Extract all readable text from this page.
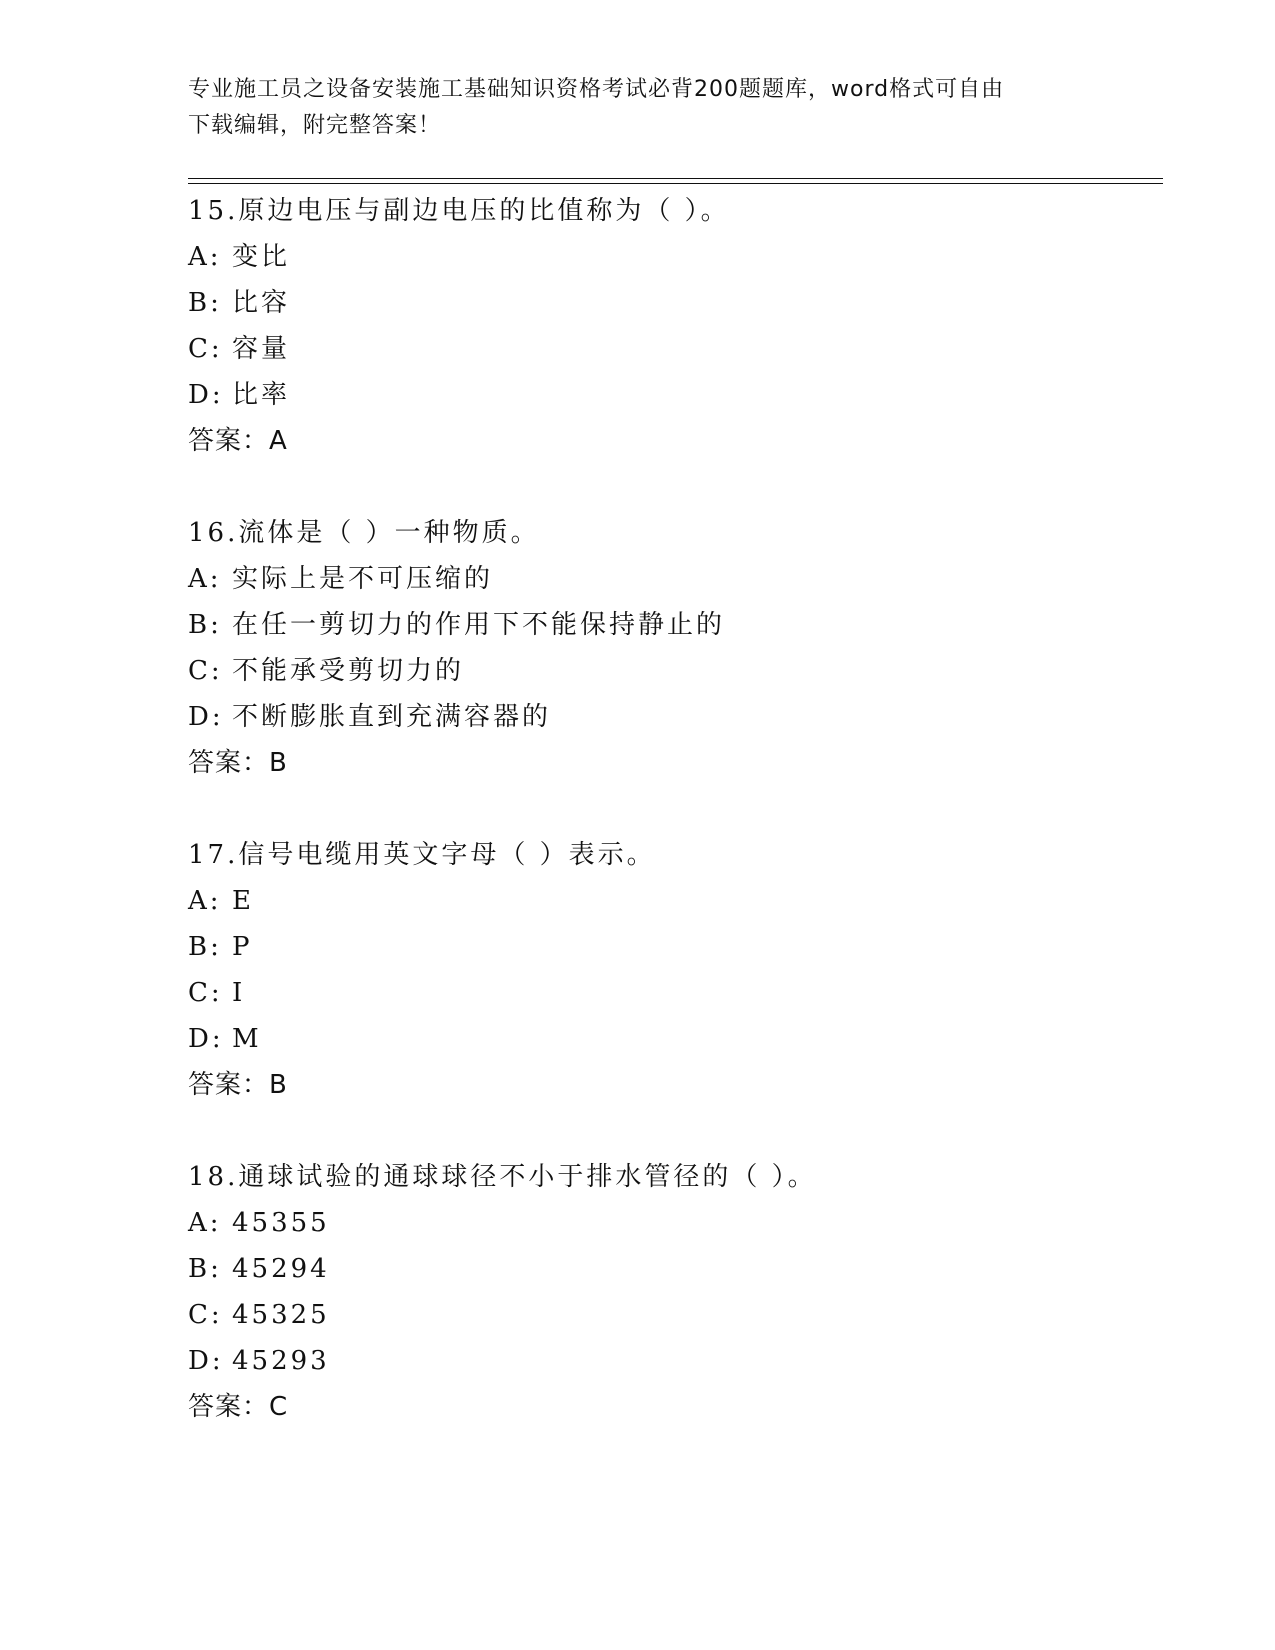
专业施工员之设备安装施工基础知识资格考试必背200题题库，word格式可自由
下载编辑，附完整答案！
15.原边电压与副边电压的比值称为（ ）。
A: 变比
B: 比容
C: 容量
D: 比率
答案：A
16.流体是（ ）一种物质。
A: 实际上是不可压缩的
B: 在任一剪切力的作用下不能保持静止的
C: 不能承受剪切力的
D: 不断膨胀直到充满容器的
答案：B
17.信号电缆用英文字母（ ）表示。
A: E
B: P
C: I
D: M
答案：B
18.通球试验的通球球径不小于排水管径的（ ）。
A: 45355
B: 45294
C: 45325
D: 45293
答案：C
